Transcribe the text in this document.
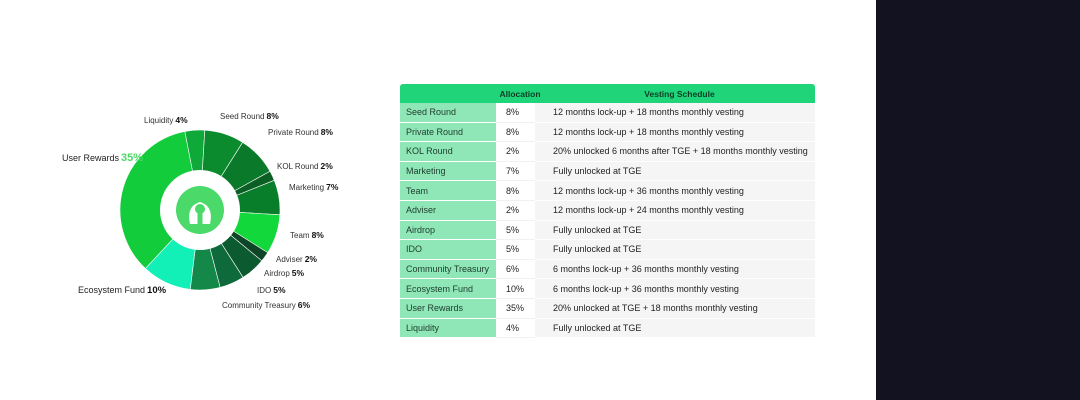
Liquidity 4%	Seed Round 8%
Private Round 8%
KOL Round 2%
Marketing 7%
Team 8%
Adviser 2%
Airdrop 5%
IDO 5%
Community Treasury 6%
Ecosystem Fund 10%
User Rewards 35%
Allocation	Vesting Schedule
Seed Round	8%	12 months lock-up + 18 months monthly vesting
Private Round	8%	12 months lock-up + 18 months monthly vesting
KOL Round	2%	20% unlocked 6 months after TGE + 18 months monthly vesting
Marketing	7%	Fully unlocked at TGE
Team	8%	12 months lock-up + 36 months monthly vesting
Adviser	2%	12 months lock-up + 24 months monthly vesting
Airdrop	5%	Fully unlocked at TGE
IDO	5%	Fully unlocked at TGE
Community Treasury	6%	6 months lock-up + 36 months monthly vesting
Ecosystem Fund	10%	6 months lock-up + 36 months monthly vesting
User Rewards	35%	20% unlocked at TGE + 18 months monthly vesting
Liquidity	4%	Fully unlocked at TGE
